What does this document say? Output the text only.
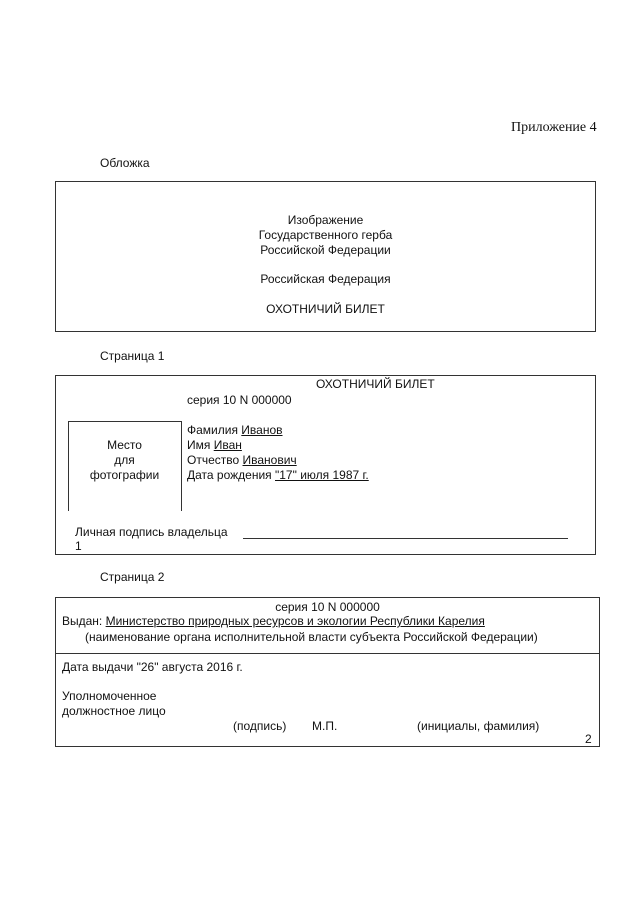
Приложение 4
Обложка
Изображение
Государственного герба
Российской Федерации
Российская Федерация
ОХОТНИЧИЙ БИЛЕТ
Страница 1
ОХОТНИЧИЙ БИЛЕТ
серия 10 N 000000
Место
для
фотографии
Фамилия Иванов
Имя Иван
Отчество Иванович
Дата рождения "17" июля 1987 г.
Личная подпись владельца
1
Страница 2
серия 10 N 000000
Выдан: Министерство природных ресурсов и экологии Республики Карелия
(наименование органа исполнительной власти субъекта Российской Федерации)
Дата выдачи "26" августа 2016 г.
Уполномоченное
должностное лицо
(подпись) М.П.	(инициалы, фамилия)
2
